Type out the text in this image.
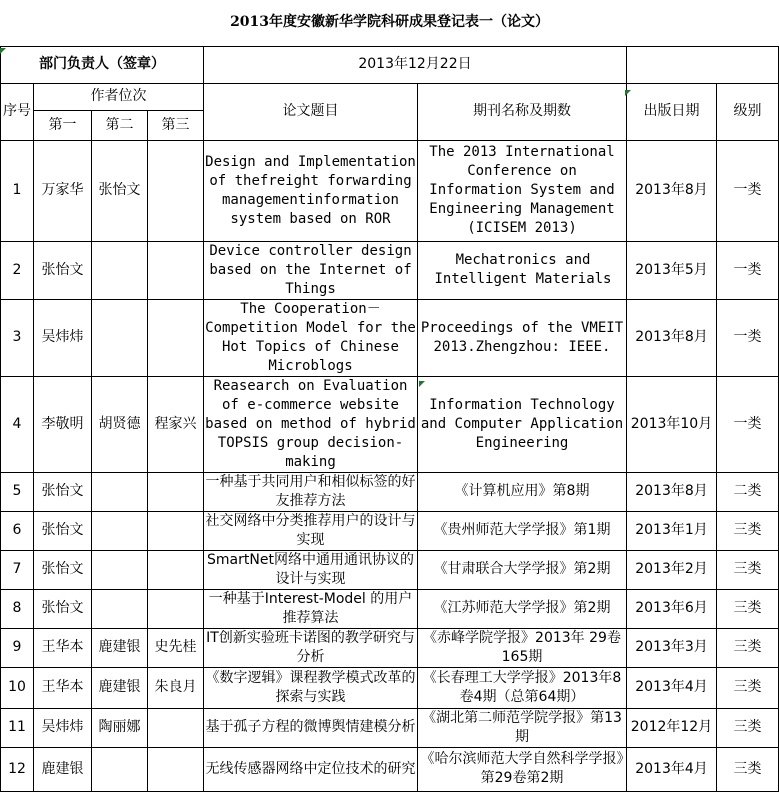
2013年度安徽新华学院科研成果登记表一（论文）							
部门负责人（签章）				2013年12月22日			
序号	作者位次			论文题目	期刊名称及期数	出版日期	级别
	第一	第二	第三				
1	万家华	张怡文		Design and Implementation of thefreight forwarding managementinformation system based on ROR	The 2013 International Conference on Information System and Engineering Management (ICISEM 2013)	2013年8月	一类
2	张怡文			Device controller design based on the Internet of Things	Mechatronics and Intelligent Materials	2013年5月	一类
3	吴炜炜			The Cooperation－Competition Model for the Hot Topics of Chinese Microblogs	Proceedings of the VMEIT 2013.Zhengzhou: IEEE.	2013年8月	一类
4	李敬明	胡贤德	程家兴	Reasearch on Evaluation of e-commerce website based on method of hybrid TOPSIS group decision-making	Information Technology and Computer Application Engineering	2013年10月	一类
5	张怡文			一种基于共同用户和相似标签的好友推荐方法	《计算机应用》第8期	2013年8月	二类
6	张怡文			社交网络中分类推荐用户的设计与实现	《贵州师范大学学报》第1期	2013年1月	三类
7	张怡文			SmartNet网络中通用通讯协议的设计与实现	《甘肃联合大学学报》第2期	2013年2月	三类
8	张怡文			一种基于Interest-Model 的用户推荐算法	《江苏师范大学学报》第2期	2013年6月	三类
9	王华本	鹿建银	史先桂	IT创新实验班卡诺图的教学研究与分析	《赤峰学院学报》2013年 29卷165期	2013年3月	三类
10	王华本	鹿建银	朱良月	《数字逻辑》课程教学模式改革的探索与实践	《长春理工大学学报》2013年8卷4期（总第64期）	2013年4月	三类
11	吴炜炜	陶丽娜		基于孤子方程的微博舆情建模分析	《湖北第二师范学院学报》第13期	2012年12月	三类
12	鹿建银			无线传感器网络中定位技术的研究	《哈尔滨师范大学自然科学学报》第29卷第2期	2013年4月	三类
